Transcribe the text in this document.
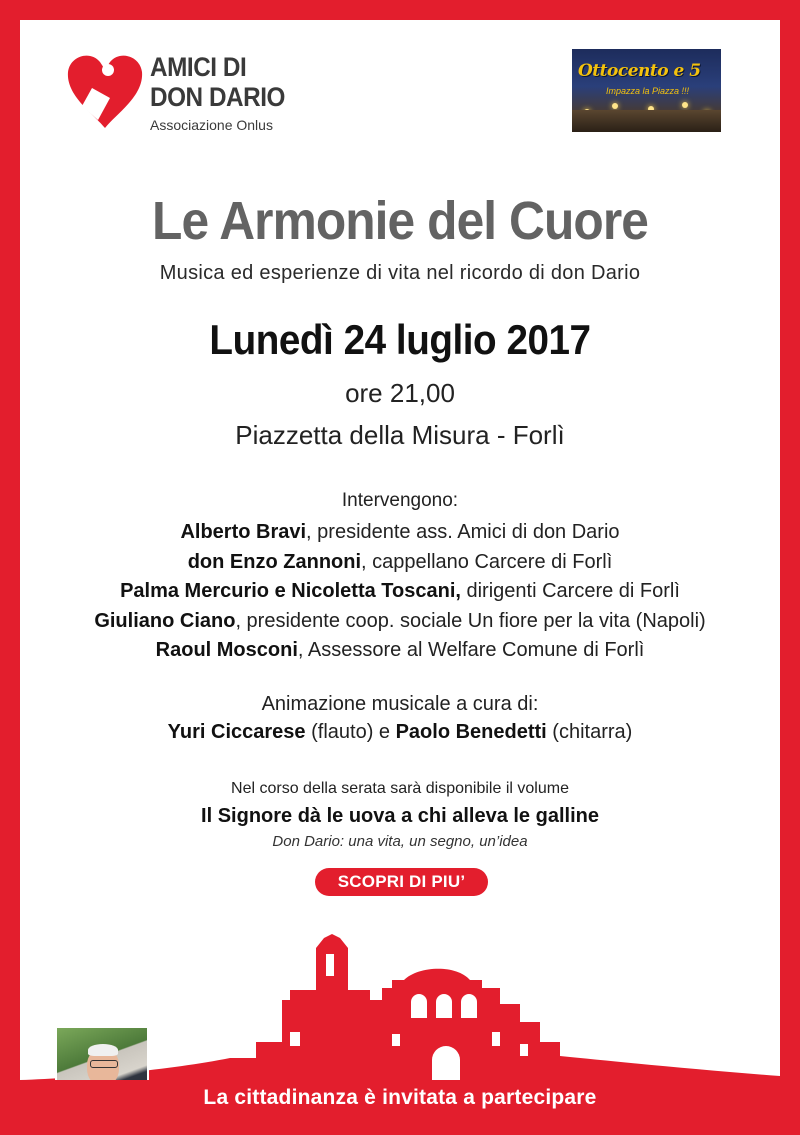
AMICI DI
DON DARIO
Associazione Onlus
Ottocento e 5
Impazza la Piazza !!!
Le Armonie del Cuore
Musica ed esperienze di vita nel ricordo di don Dario
Lunedì 24 luglio 2017
ore 21,00
Piazzetta della Misura - Forlì
Intervengono:
Alberto Bravi, presidente ass. Amici di don Dario
don Enzo Zannoni, cappellano Carcere di Forlì
Palma Mercurio e Nicoletta Toscani, dirigenti Carcere di Forlì
Giuliano Ciano, presidente coop. sociale Un fiore per la vita (Napoli)
Raoul Mosconi, Assessore al Welfare Comune di Forlì
Animazione musicale a cura di:
Yuri Ciccarese (flauto) e Paolo Benedetti (chitarra)
Nel corso della serata sarà disponibile il volume
Il Signore dà le uova a chi alleva le galline
Don Dario: una vita, un segno, un’idea
SCOPRI DI PIU’
La cittadinanza è invitata a partecipare
